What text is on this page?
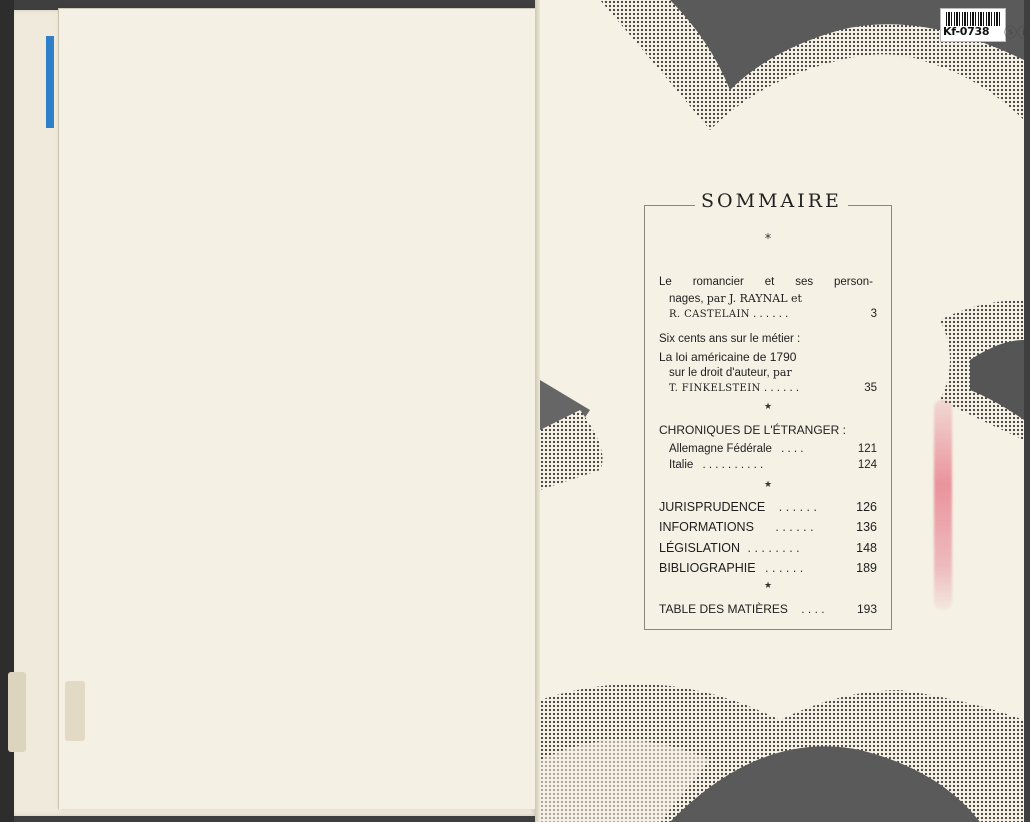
Kf-0738 ⓢⓘ
SOMMAIRE
*
Le romancier et ses person-
nages, par J. RAYNAL et
R. CASTELAIN . . . . . .	3
Six cents ans sur le métier :
La loi américaine de 1790
sur le droit d'auteur, par
T. FINKELSTEIN . . . . . .	35
★
CHRONIQUES DE L'ÉTRANGER :
Allemagne Fédérale . . . .	121
Italie . . . . . . . . . .	124
★
JURISPRUDENCE . . . . . .	126
INFORMATIONS . . . . . .	136
LÉGISLATION . . . . . . . .	148
BIBLIOGRAPHIE . . . . . .	189
★
TABLE DES MATIÈRES . . . .	193
